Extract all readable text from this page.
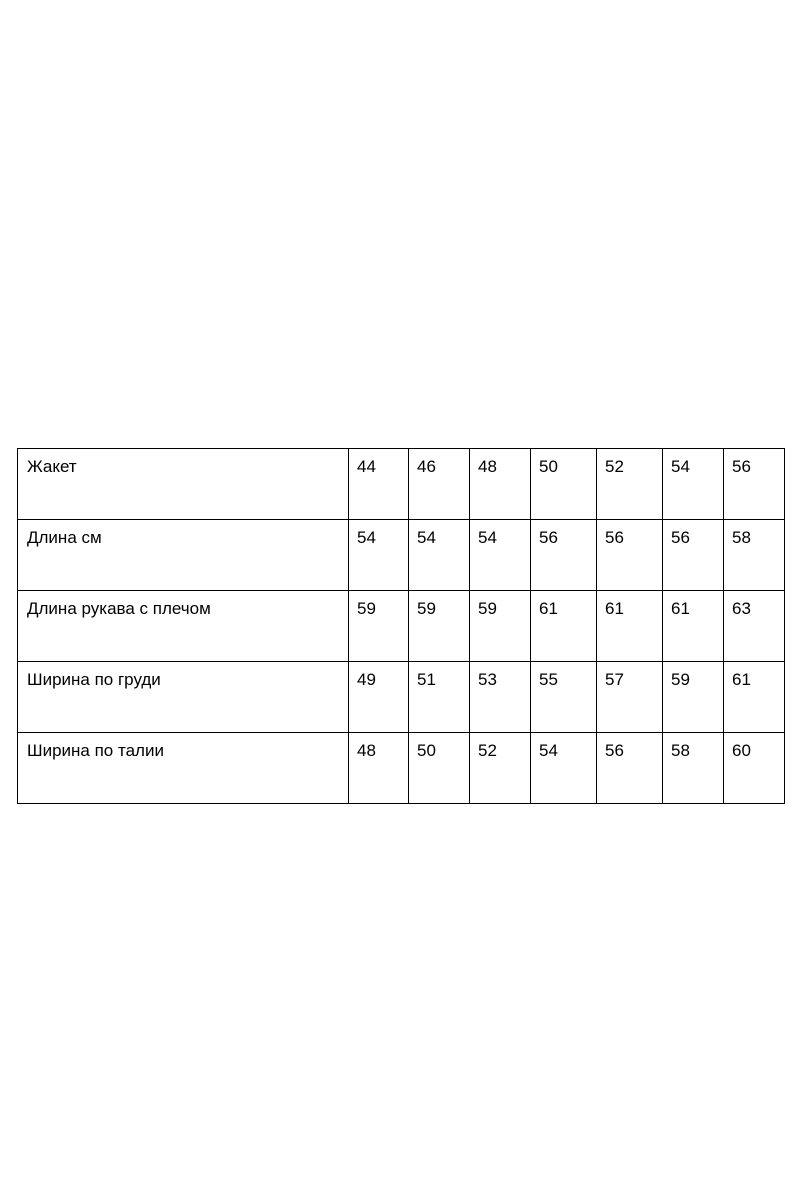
Жакет	44	46	48	50	52	54	56
Длина см	54	54	54	56	56	56	58
Длина рукава с плечом	59	59	59	61	61	61	63
Ширина по груди	49	51	53	55	57	59	61
Ширина по талии	48	50	52	54	56	58	60
